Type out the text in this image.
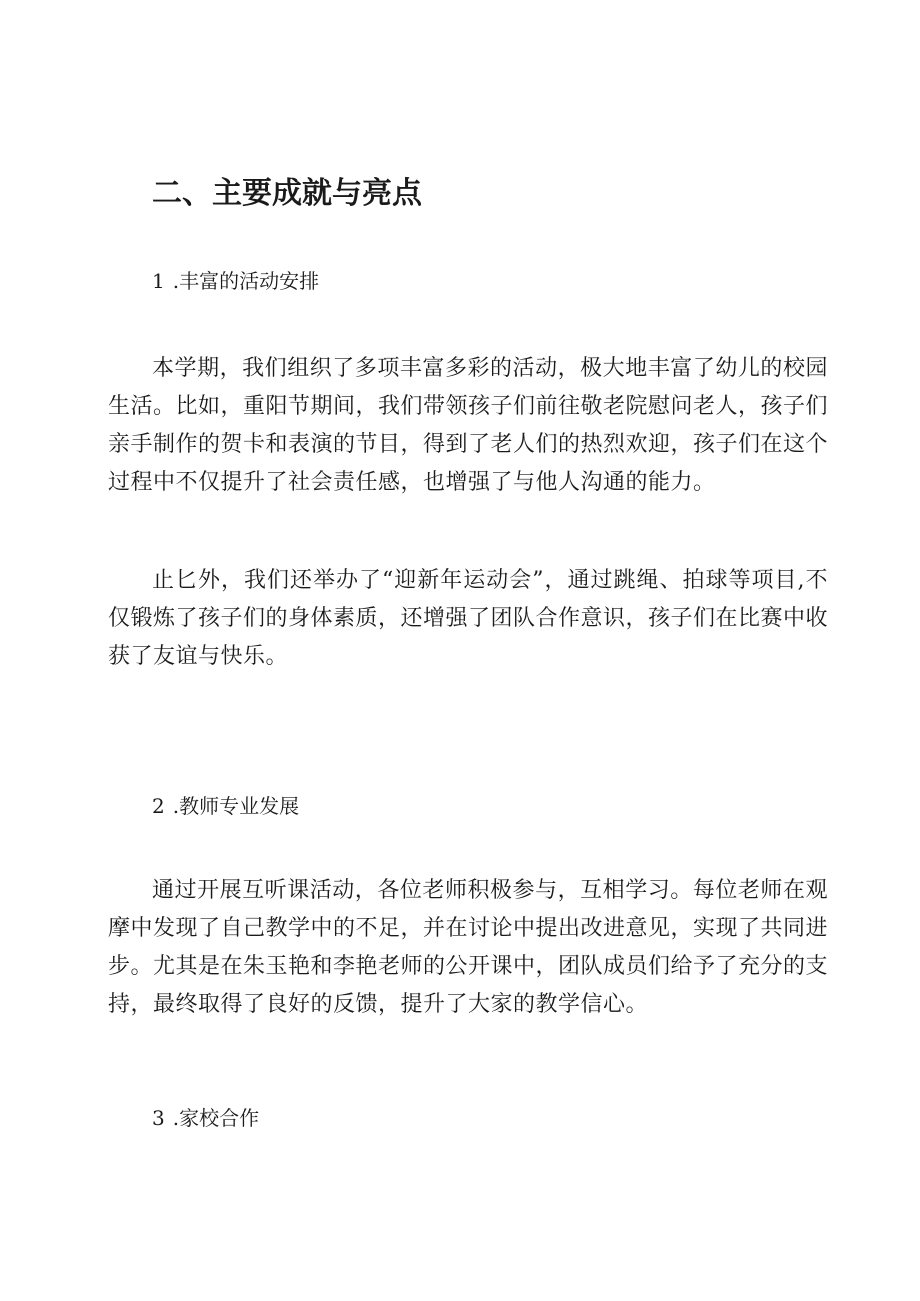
二、主要成就与亮点

1 .丰富的活动安排

本学期，我们组织了多项丰富多彩的活动，极大地丰富了幼儿的校园生活。比如，重阳节期间，我们带领孩子们前往敬老院慰问老人，孩子们亲手制作的贺卡和表演的节目，得到了老人们的热烈欢迎，孩子们在这个过程中不仅提升了社会责任感，也增强了与他人沟通的能力。

止匕外，我们还举办了“迎新年运动会”，通过跳绳、拍球等项目,不仅锻炼了孩子们的身体素质，还增强了团队合作意识，孩子们在比赛中收获了友谊与快乐。

2 .教师专业发展

通过开展互听课活动，各位老师积极参与，互相学习。每位老师在观摩中发现了自己教学中的不足，并在讨论中提出改进意见，实现了共同进步。尤其是在朱玉艳和李艳老师的公开课中，团队成员们给予了充分的支持，最终取得了良好的反馈，提升了大家的教学信心。

3 .家校合作
